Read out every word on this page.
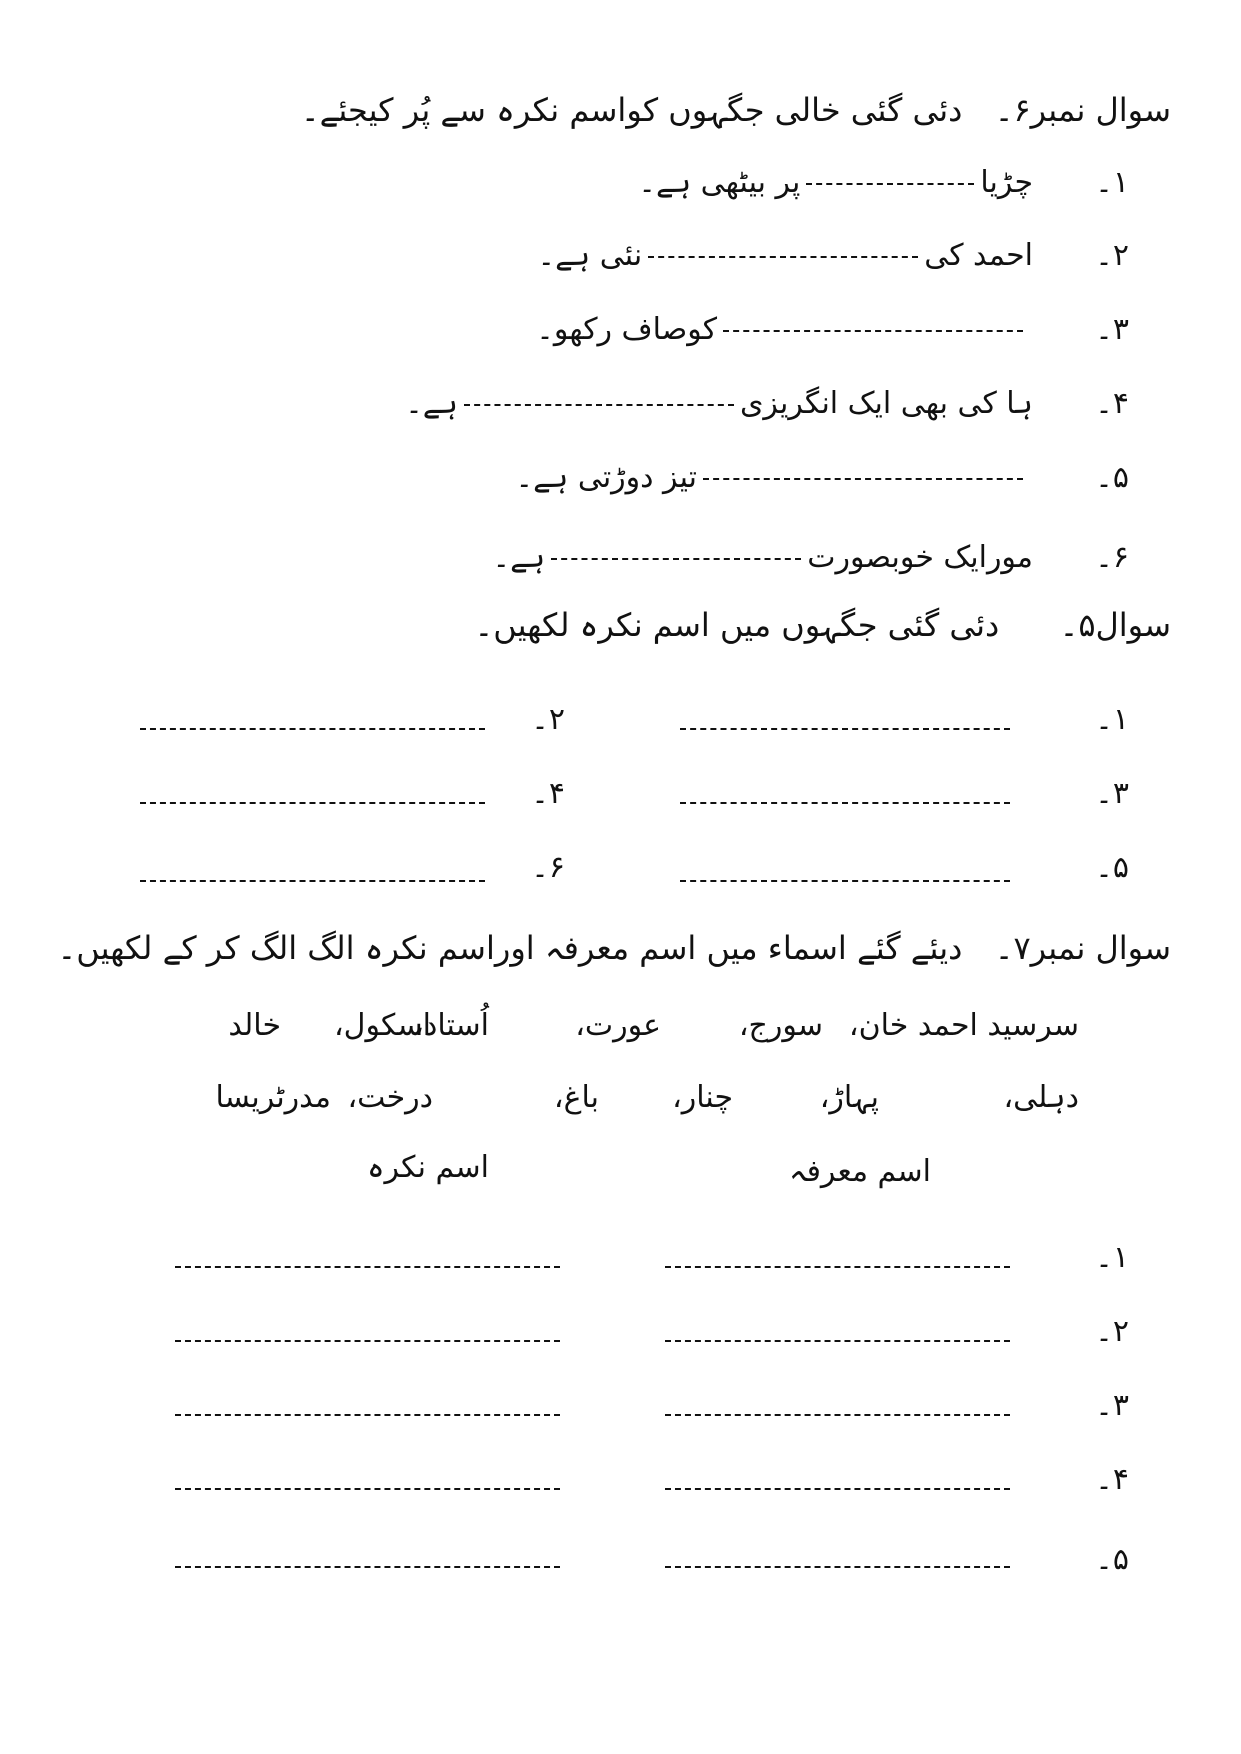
سوال نمبر۶۔  دئی گئی خالی جگہوں کواسم نکرہ سے پُر کیجئے۔
۱۔
چڑیاپر بیٹھی ہے۔
۲۔
احمد کینئی ہے۔
۳۔
کوصاف رکھو۔
۴۔
ہا کی بھی ایک انگریزیہے۔
۵۔
تیز دوڑتی ہے۔
۶۔
مورایک خوبصورتہے۔
سوال۵۔  دئی گئی جگہوں میں اسم نکرہ لکھیں۔
۱۔
۲۔
۳۔
۴۔
۵۔
۶۔
سوال نمبر۷۔  دیئے گئے اسماء میں اسم معرفہ اوراسم نکرہ الگ الگ کر کے لکھیں۔
سرسید احمد خان،
سورج،
عورت،
اُستاد،
اسکول،
خالد
دہلی،
پہاڑ،
چنار،
باغ،
درخت،
مدرٹریسا
اسم معرفہ
اسم نکرہ
۱۔
۲۔
۳۔
۴۔
۵۔
